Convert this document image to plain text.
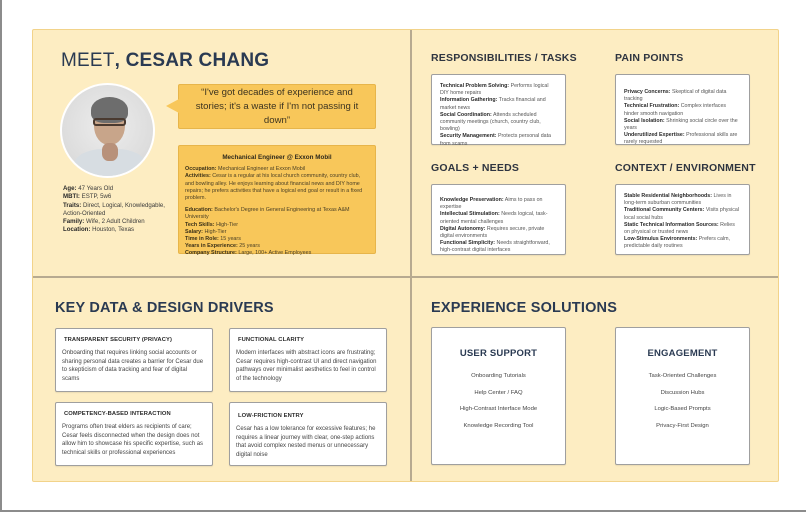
MEET, CESAR CHANG
“I've got decades of experience and stories; it's a waste if I'm not passing it down”
Mechanical Engineer @ Exxon Mobil
Occupation: Mechanical Engineer at Exxon Mobil
Activities: Cesar is a regular at his local church community, country club, and bowling alley. He enjoys learning about financial news and DIY home repairs; he prefers activities that have a logical end goal or result in a fixed problem.
Education: Bachelor's Degree in General Engineering at Texas A&M University
Tech Skills: High-Tier
Salary: High-Tier
Time in Role: 15 years
Years in Experience: 25 years
Company Structure: Large, 100+ Active Employees
Age: 47 Years Old
MBTI: ESTP, 5w6
Traits: Direct, Logical, Knowledgable, Action-Oriented
Family: Wife, 2 Adult Children
Location: Houston, Texas
RESPONSIBILITIES / TASKS
Technical Problem Solving: Performs logical DIY home repairs
Information Gathering: Tracks financial and market news
Social Coordination: Attends scheduled community meetings (church, country club, bowling)
Security Management: Protects personal data from scams
PAIN POINTS
Privacy Concerns: Skeptical of digital data tracking
Technical Frustration: Complex interfaces hinder smooth navigation
Social Isolation: Shrinking social circle over the years
Underutilized Expertise: Professional skills are rarely requested
GOALS + NEEDS
Knowledge Preservation: Aims to pass on expertise
Intellectual Stimulation: Needs logical, task-oriented mental challenges
Digital Autonomy: Requires secure, private digital environments
Functional Simplicity: Needs straightforward, high-contrast digital interfaces
CONTEXT / ENVIRONMENT
Stable Residential Neighborhoods: Lives in long-term suburban communities
Traditional Community Centers: Visits physical local social hubs
Static Technical Information Sources: Relies on physical or trusted news
Low-Stimulus Environments: Prefers calm, predictable daily routines
KEY DATA & DESIGN DRIVERS
TRANSPARENT SECURITY (PRIVACY)
Onboarding that requires linking social accounts or sharing personal data creates a barrier for Cesar due to skepticism of data tracking and fear of digital scams
FUNCTIONAL CLARITY
Modern interfaces with abstract icons are frustrating; Cesar requires high-contrast UI and direct navigation pathways over minimalist aesthetics to feel in control of the technology
COMPETENCY-BASED INTERACTION
Programs often treat elders as recipients of care; Cesar feels disconnected when the design does not allow him to showcase his specific expertise, such as technical skills or professional experiences
LOW-FRICTION ENTRY
Cesar has a low tolerance for excessive features; he requires a linear journey with clear, one-step actions that avoid complex nested menus or unnecessary digital noise
EXPERIENCE SOLUTIONS
USER SUPPORT
Onboarding Tutorials
Help Center / FAQ
High-Contrast Interface Mode
Knowledge Recording Tool
ENGAGEMENT
Task-Oriented Challenges
Discussion Hubs
Logic-Based Prompts
Privacy-First Design
